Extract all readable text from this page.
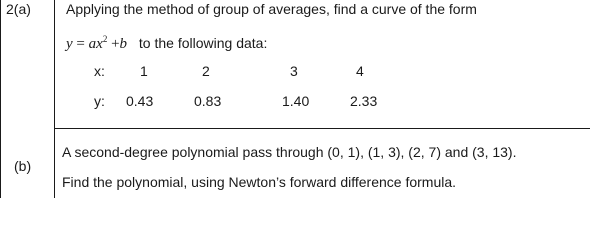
2(a)	Applying the method of group of averages, find a curve of the form
$y = ax^2 +b$ to the following data:
x:	1	2	3	4
y: 0.43	0.83	1.40	2.33
(b)
A second-degree polynomial pass through (0, 1), (1, 3), (2, 7) and (3, 13).
Find the polynomial, using Newton’s forward difference formula.
